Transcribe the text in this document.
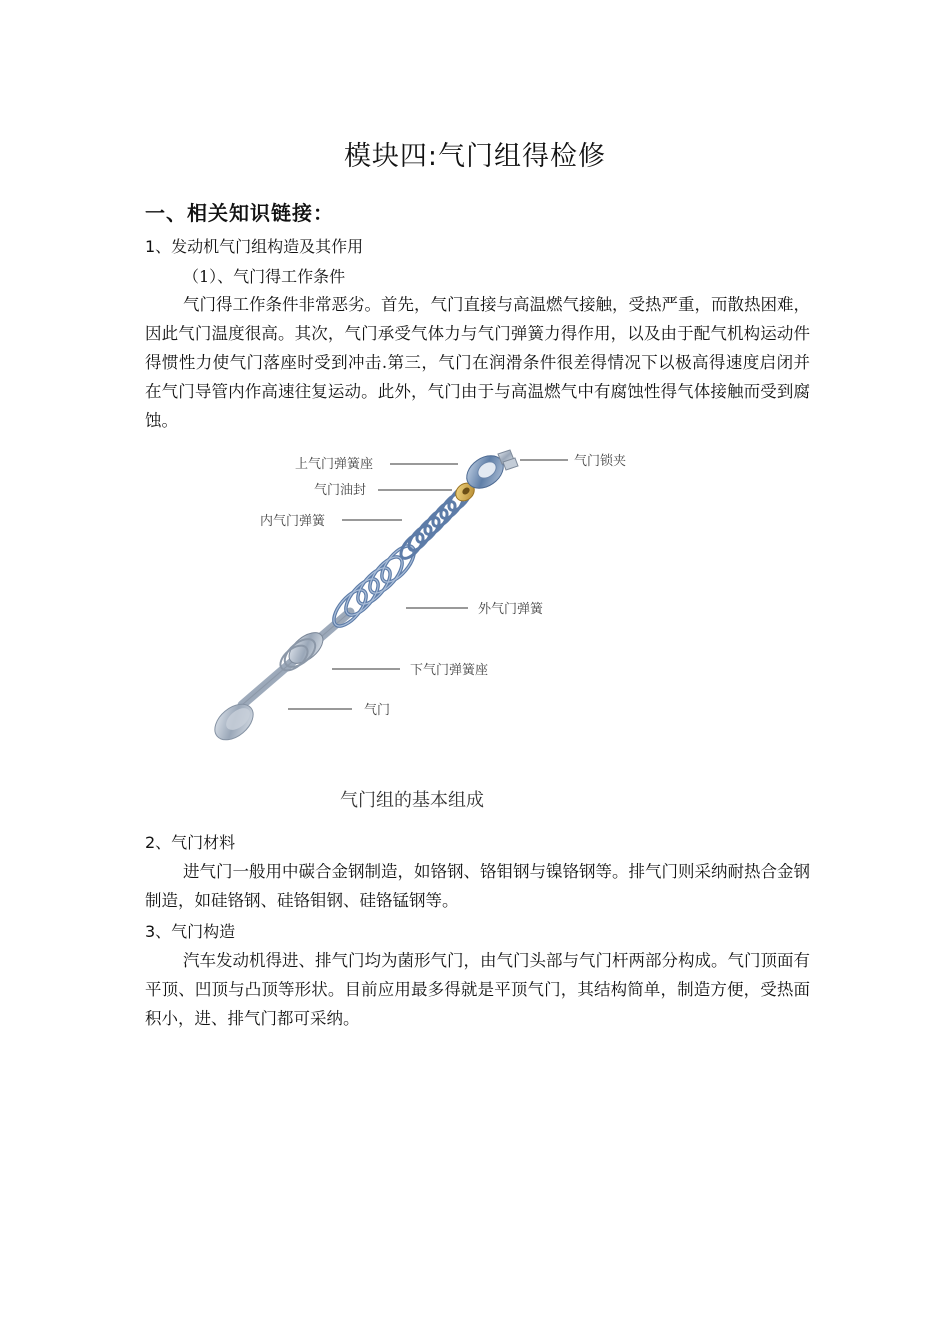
模块四:气门组得检修
一、相关知识链接：
1、发动机气门组构造及其作用
（1）、气门得工作条件
气门得工作条件非常恶劣。首先，气门直接与高温燃气接触，受热严重，而散热困难，因此气门温度很高。其次，气门承受气体力与气门弹簧力得作用，以及由于配气机构运动件得惯性力使气门落座时受到冲击.第三，气门在润滑条件很差得情况下以极高得速度启闭并在气门导管内作高速往复运动。此外，气门由于与高温燃气中有腐蚀性得气体接触而受到腐蚀。
上气门弹簧座
气门油封
内气门弹簧
气门锁夹
外气门弹簧
下气门弹簧座
气门
气门组的基本组成
2、气门材料
进气门一般用中碳合金钢制造，如铬钢、铬钼钢与镍铬钢等。排气门则采纳耐热合金钢制造，如硅铬钢、硅铬钼钢、硅铬锰钢等。
3、气门构造
汽车发动机得进、排气门均为菌形气门，由气门头部与气门杆两部分构成。气门顶面有平顶、凹顶与凸顶等形状。目前应用最多得就是平顶气门，其结构简单，制造方便，受热面积小，进、排气门都可采纳。
